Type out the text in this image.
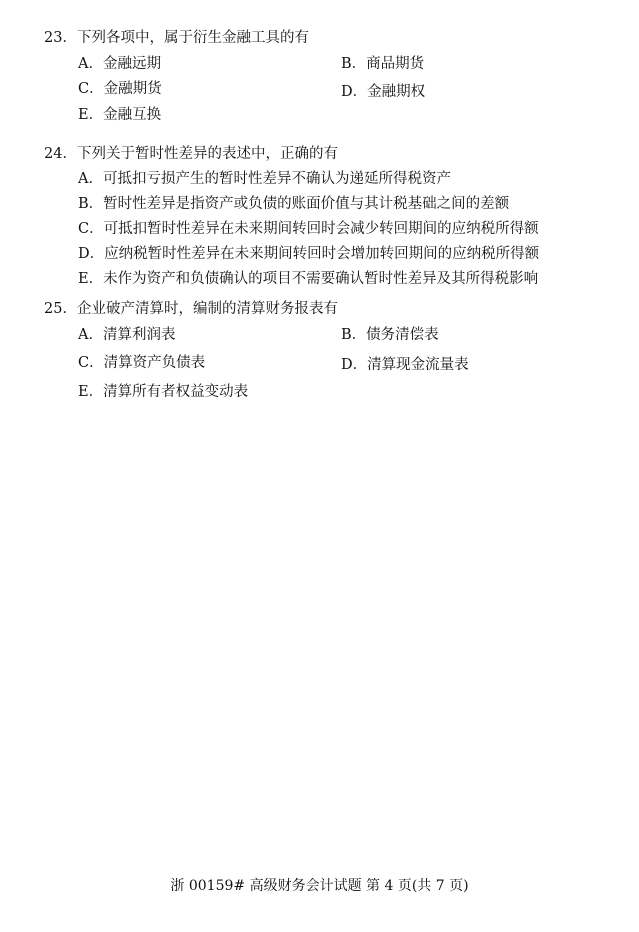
23．下列各项中，属于衍生金融工具的有
A．金融远期	B．商品期货
C．金融期货	D．金融期权
E．金融互换
24．下列关于暂时性差异的表述中，正确的有
A．可抵扣亏损产生的暂时性差异不确认为递延所得税资产
B．暂时性差异是指资产或负债的账面价值与其计税基础之间的差额
C．可抵扣暂时性差异在未来期间转回时会减少转回期间的应纳税所得额
D．应纳税暂时性差异在未来期间转回时会增加转回期间的应纳税所得额
E．未作为资产和负债确认的项目不需要确认暂时性差异及其所得税影响
25．企业破产清算时，编制的清算财务报表有
A．清算利润表	B．债务清偿表
C．清算资产负债表	D．清算现金流量表
E．清算所有者权益变动表
浙 00159# 高级财务会计试题 第 4 页(共 7 页)
